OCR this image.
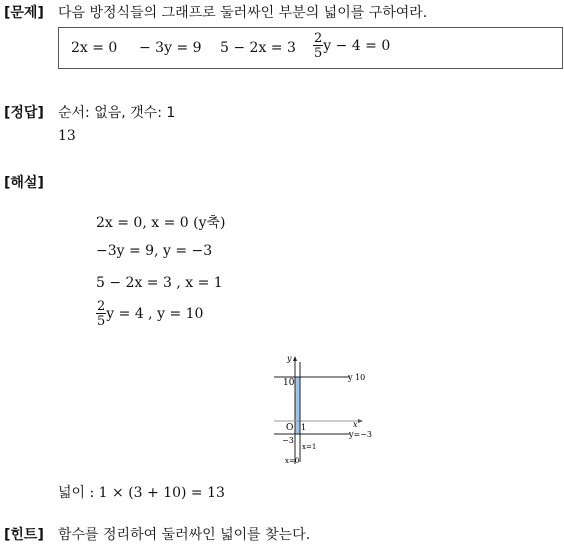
[문제] 다음 방정식들의 그래프로 둘러싸인 부분의 넓이를 구하여라.
2x = 0 − 3y = 9 $5 - 2x = 3 \frac{2}{5}$ y − 4 = 0
[정답] 순서: 없음, 갯수: 1
13
[해설]
2x = 0, x = 0 (y축)
−3y = 9, y = −3
5 − 2x = 3 , x = 1
$\frac{2}{5}$ y = 4 , y = 10
y
10
y 10
x
O 1
−3
y=−3
x=1
x=0
넓이 : 1 × (3 + 10) = 13
[힌트] 함수를 정리하여 둘러싸인 넓이를 찾는다.
